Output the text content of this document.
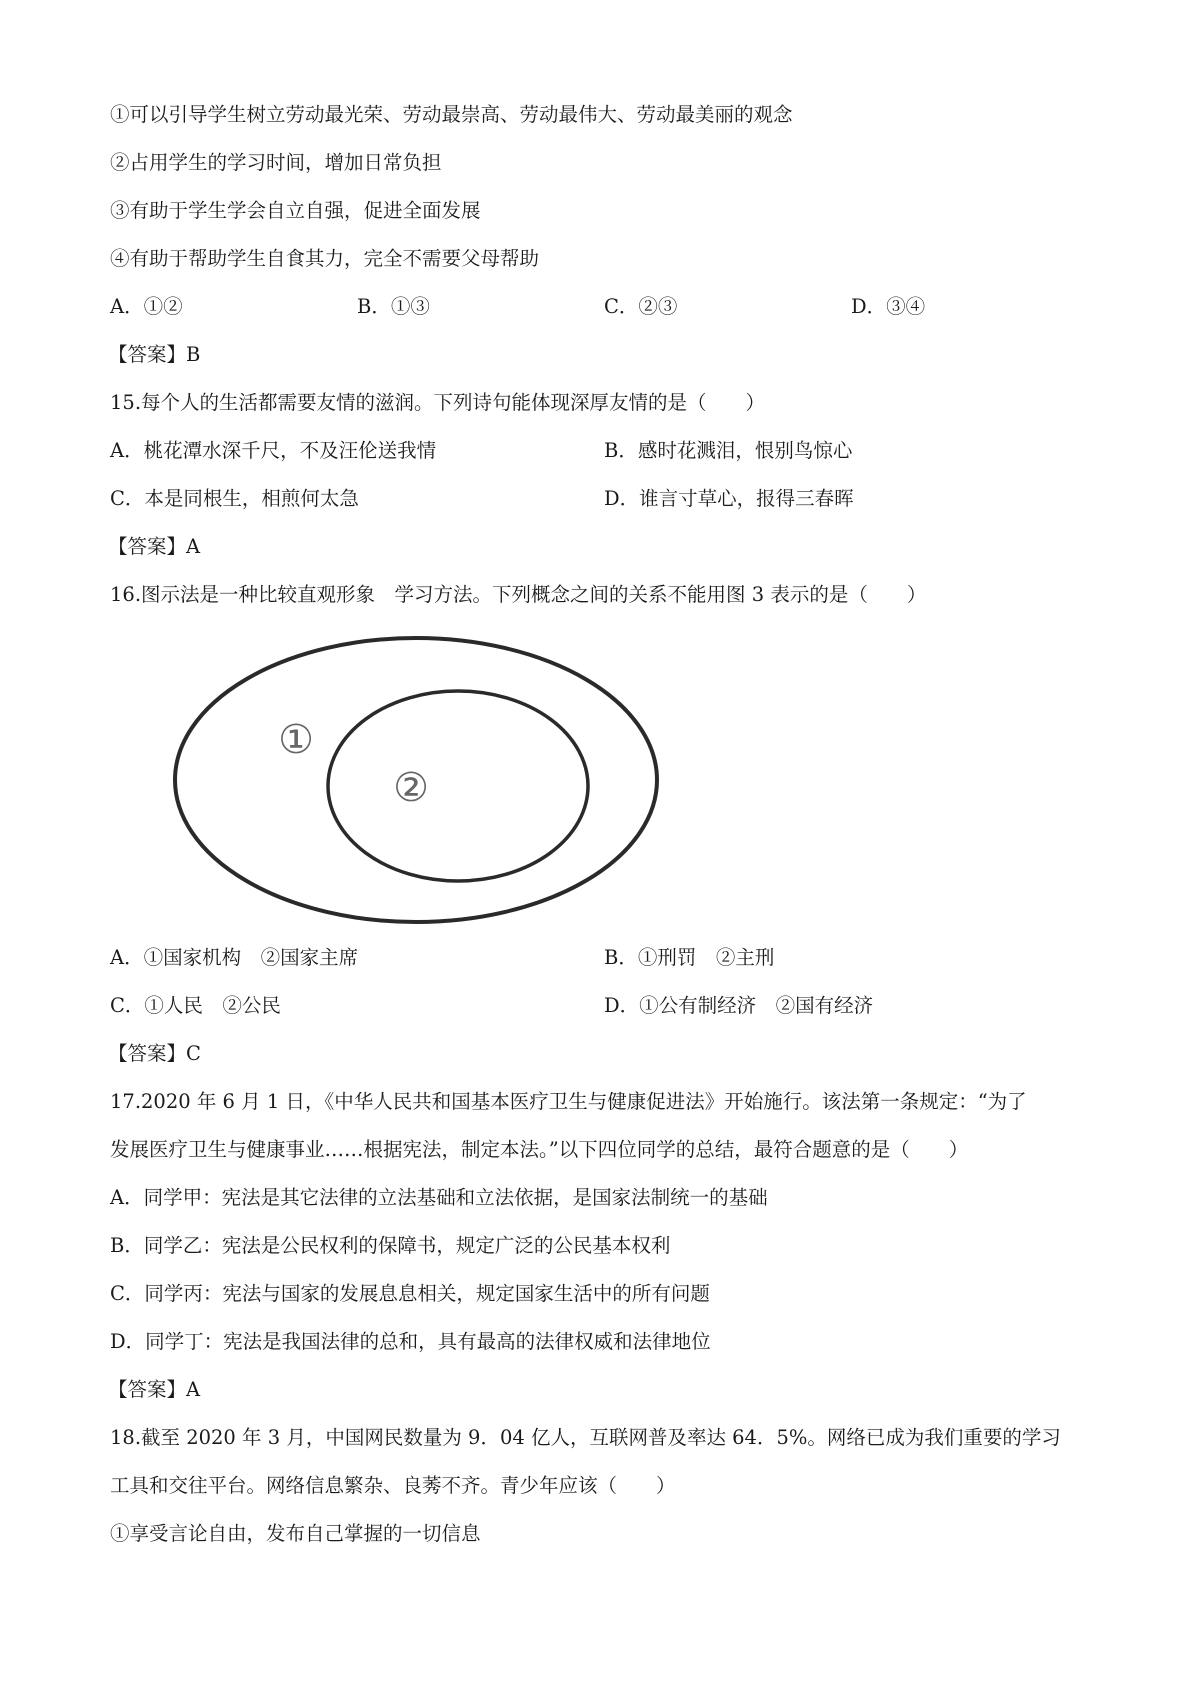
①可以引导学生树立劳动最光荣、劳动最崇高、劳动最伟大、劳动最美丽的观念
②占用学生的学习时间，增加日常负担
③有助于学生学会自立自强，促进全面发展
④有助于帮助学生自食其力，完全不需要父母帮助
A．①②	B．①③	C．②③	D．③④
【答案】B
15.每个人的生活都需要友情的滋润。下列诗句能体现深厚友情的是（　　）
A．桃花潭水深千尺，不及汪伦送我情	B．感时花溅泪，恨别鸟惊心
C．本是同根生，相煎何太急	D．谁言寸草心，报得三春晖
【答案】A
16.图示法是一种比较直观形象　学习方法。下列概念之间的关系不能用图 3 表示的是（　　）
①
②
A．①国家机构　②国家主席	B．①刑罚　②主刑
C．①人民　②公民	D．①公有制经济　②国有经济
【答案】C
17.2020 年 6 月 1 日，《中华人民共和国基本医疗卫生与健康促进法》开始施行。该法第一条规定：“为了
发展医疗卫生与健康事业……根据宪法，制定本法。”以下四位同学的总结，最符合题意的是（　　）
A．同学甲：宪法是其它法律的立法基础和立法依据，是国家法制统一的基础
B．同学乙：宪法是公民权利的保障书，规定广泛的公民基本权利
C．同学丙：宪法与国家的发展息息相关，规定国家生活中的所有问题
D．同学丁：宪法是我国法律的总和，具有最高的法律权威和法律地位
【答案】A
18.截至 2020 年 3 月，中国网民数量为 9．04 亿人，互联网普及率达 64．5%。网络已成为我们重要的学习
工具和交往平台。网络信息繁杂、良莠不齐。青少年应该（　　）
①享受言论自由，发布自己掌握的一切信息
